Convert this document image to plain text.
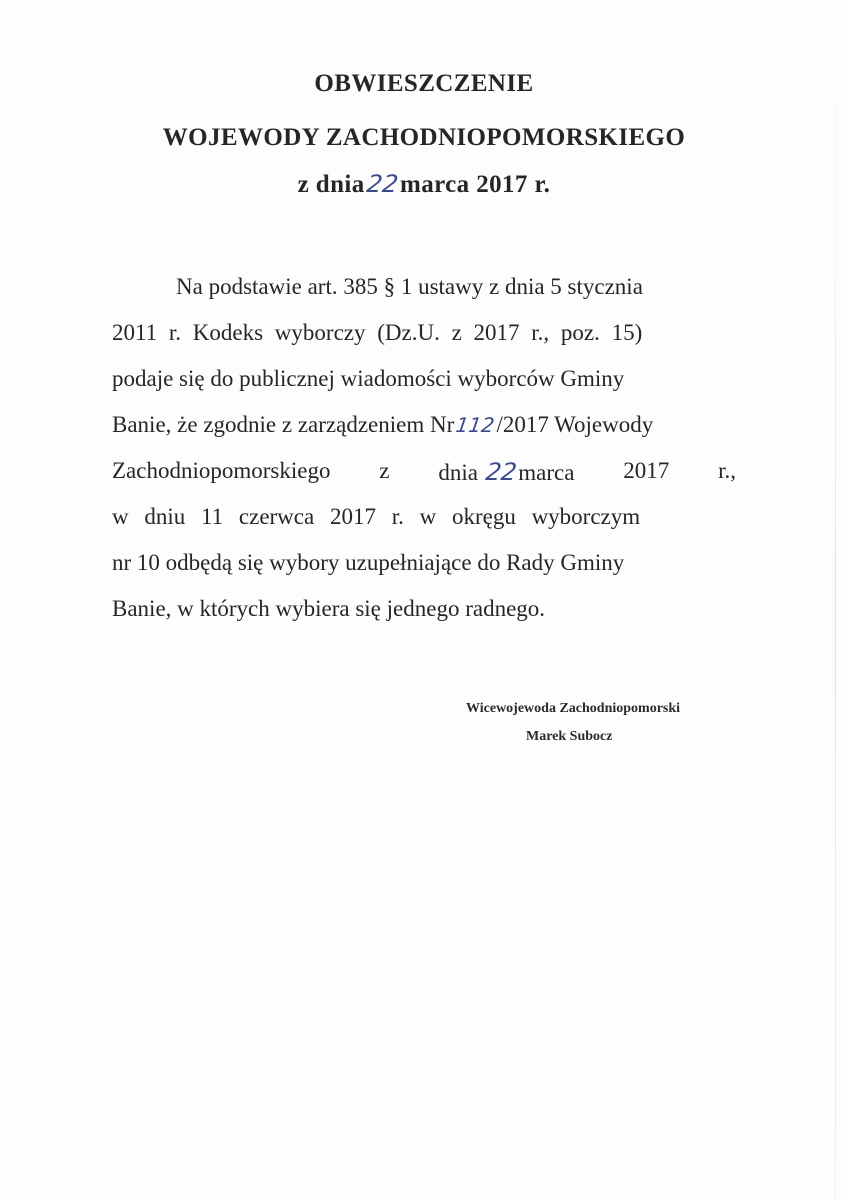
OBWIESZCZENIE
WOJEWODY ZACHODNIOPOMORSKIEGO
z dnia22marca 2017 r.
Na podstawie art. 385 § 1 ustawy z dnia 5 stycznia
2011 r. Kodeks wyborczy (Dz.U. z 2017 r., poz. 15)
podaje się do publicznej wiadomości wyborców Gminy
Banie, że zgodnie z zarządzeniem Nr112/2017 Wojewody
Zachodniopomorskiego z dnia 22marca 2017 r.,
w dniu 11 czerwca 2017 r. w okręgu wyborczym
nr 10 odbędą się wybory uzupełniające do Rady Gminy
Banie, w których wybiera się jednego radnego.
Wicewojewoda Zachodniopomorski
Marek Subocz
